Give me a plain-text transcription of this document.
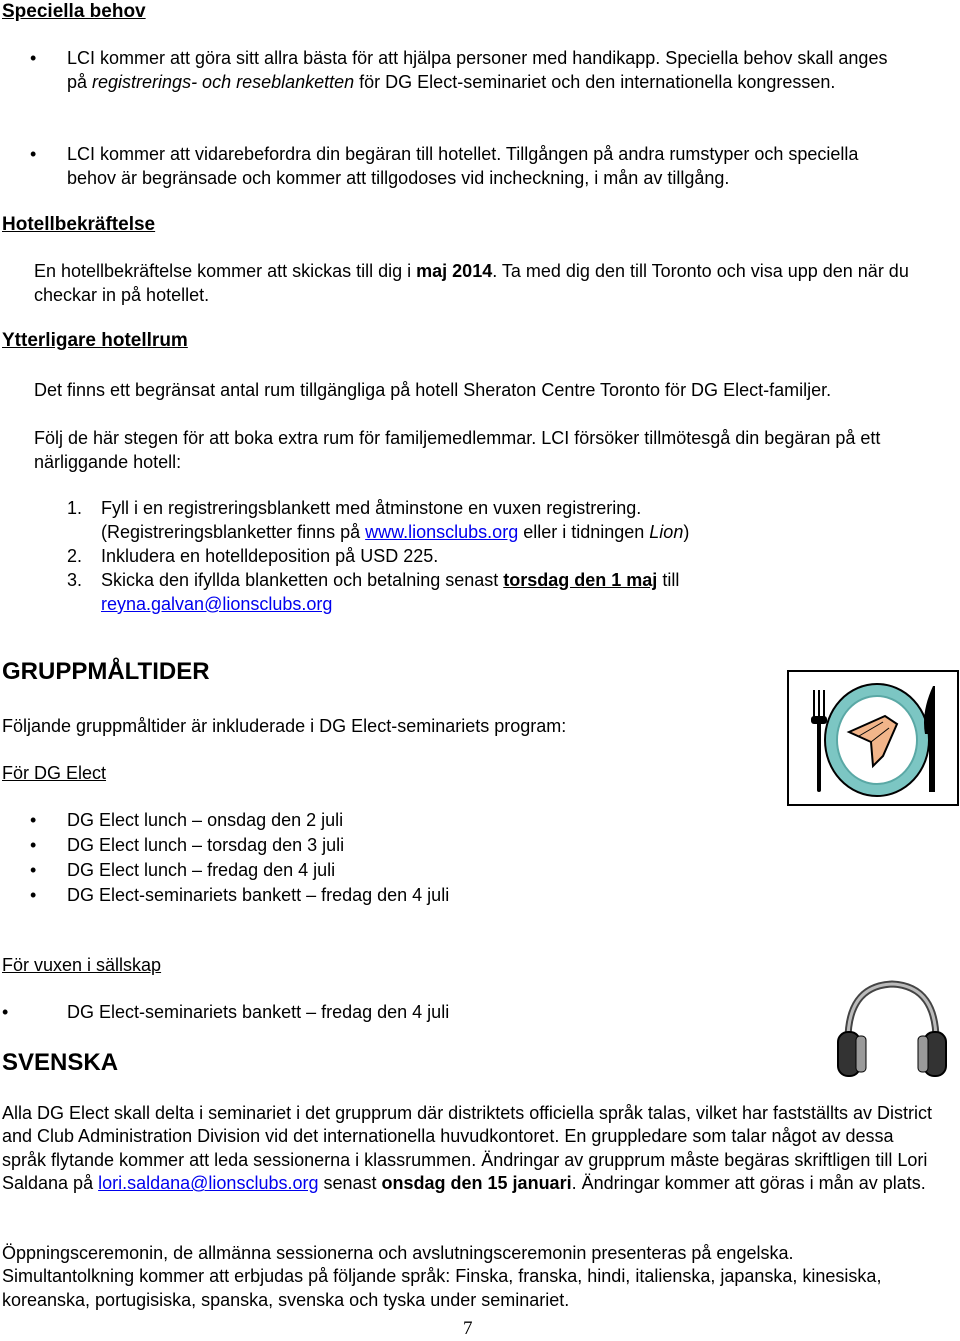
Speciella behov
•	LCI kommer att göra sitt allra bästa för att hjälpa personer med handikapp. Speciella behov skall anges på registrerings- och reseblanketten för DG Elect-seminariet och den internationella kongressen.
•	LCI kommer att vidarebefordra din begäran till hotellet. Tillgången på andra rumstyper och speciella behov är begränsade och kommer att tillgodoses vid incheckning, i mån av tillgång.
Hotellbekräftelse
En hotellbekräftelse kommer att skickas till dig i maj 2014. Ta med dig den till Toronto och visa upp den när du checkar in på hotellet.
Ytterligare hotellrum
Det finns ett begränsat antal rum tillgängliga på hotell Sheraton Centre Toronto för DG Elect-familjer.
Följ de här stegen för att boka extra rum för familjemedlemmar. LCI försöker tillmötesgå din begäran på ett närliggande hotell:
1. Fyll i en registreringsblankett med åtminstone en vuxen registrering.
(Registreringsblanketter finns på www.lionsclubs.org eller i tidningen Lion)
2. Inkludera en hotelldeposition på USD 225.
3. Skicka den ifyllda blanketten och betalning senast torsdag den 1 maj till
reyna.galvan@lionsclubs.org
GRUPPMÅLTIDER
Följande gruppmåltider är inkluderade i DG Elect-seminariets program:
För DG Elect
•	DG Elect lunch – onsdag den 2 juli
•	DG Elect lunch – torsdag den 3 juli
•	DG Elect lunch – fredag den 4 juli
•	DG Elect-seminariets bankett – fredag den 4 juli
För vuxen i sällskap
•	DG Elect-seminariets bankett – fredag den 4 juli
SVENSKA
Alla DG Elect skall delta i seminariet i det grupprum där distriktets officiella språk talas, vilket har fastställts av District and Club Administration Division vid det internationella huvudkontoret. En gruppledare som talar något av dessa språk flytande kommer att leda sessionerna i klassrummen. Ändringar av grupprum måste begäras skriftligen till Lori Saldana på lori.saldana@lionsclubs.org senast onsdag den 15 januari. Ändringar kommer att göras i mån av plats.
Öppningsceremonin, de allmänna sessionerna och avslutningsceremonin presenteras på engelska. Simultantolkning kommer att erbjudas på följande språk: Finska, franska, hindi, italienska, japanska, kinesiska, koreanska, portugisiska, spanska, svenska och tyska under seminariet.
7
